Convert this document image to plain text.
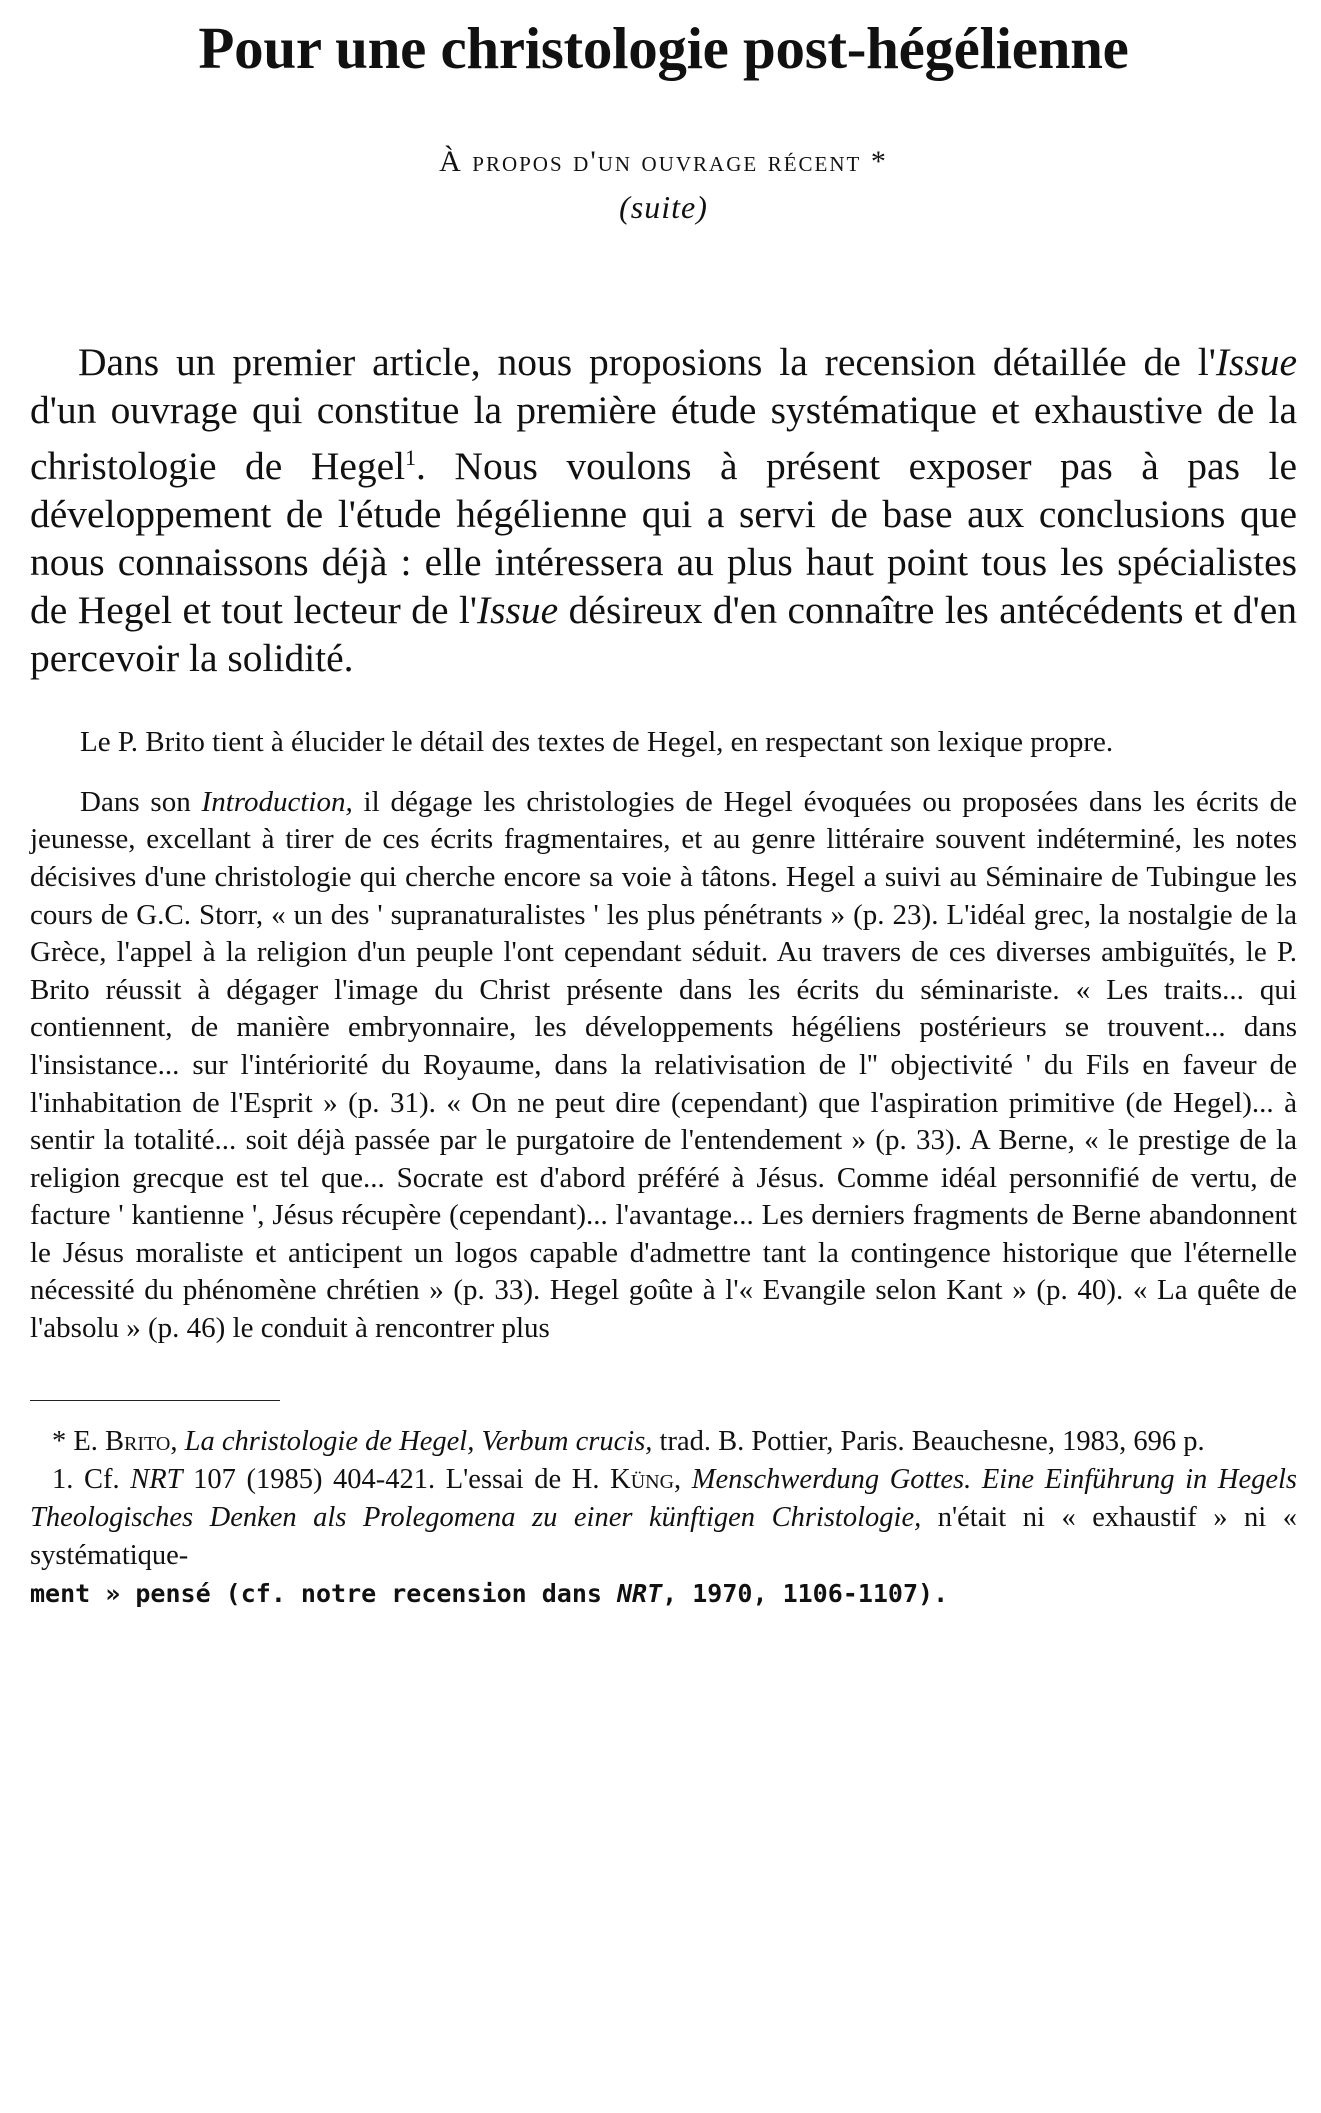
Pour une christologie post-hégélienne
À propos d'un ouvrage récent *
(suite)

Dans un premier article, nous proposions la recension détaillée de l'Issue d'un ouvrage qui constitue la première étude systématique et exhaustive de la christologie de Hegel$^1$. Nous voulons à présent exposer pas à pas le développement de l'étude hégélienne qui a servi de base aux conclusions que nous connaissons déjà : elle intéressera au plus haut point tous les spécialistes de Hegel et tout lecteur de l'Issue désireux d'en connaître les antécédents et d'en percevoir la solidité.

Le P. Brito tient à élucider le détail des textes de Hegel, en respectant son lexique propre.

Dans son Introduction, il dégage les christologies de Hegel évoquées ou proposées dans les écrits de jeunesse, excellant à tirer de ces écrits fragmentaires, et au genre littéraire souvent indéterminé, les notes décisives d'une christologie qui cherche encore sa voie à tâtons. Hegel a suivi au Séminaire de Tubingue les cours de G.C. Storr, « un des ' supranaturalistes ' les plus pénétrants » (p. 23). L'idéal grec, la nostalgie de la Grèce, l'appel à la religion d'un peuple l'ont cependant séduit. Au travers de ces diverses ambiguïtés, le P. Brito réussit à dégager l'image du Christ présente dans les écrits du séminariste. « Les traits... qui contiennent, de manière embryonnaire, les développements hégéliens postérieurs se trouvent... dans l'insistance... sur l'intériorité du Royaume, dans la relativisation de l'' objectivité ' du Fils en faveur de l'inhabitation de l'Esprit » (p. 31). « On ne peut dire (cependant) que l'aspiration primitive (de Hegel)... à sentir la totalité... soit déjà passée par le purgatoire de l'entendement » (p. 33). A Berne, « le prestige de la religion grecque est tel que... Socrate est d'abord préféré à Jésus. Comme idéal personnifié de vertu, de facture ' kantienne ', Jésus récupère (cependant)... l'avantage... Les derniers fragments de Berne abandonnent le Jésus moraliste et anticipent un logos capable d'admettre tant la contingence historique que l'éternelle nécessité du phénomène chrétien » (p. 33). Hegel goûte à l'« Evangile selon Kant » (p. 40). « La quête de l'absolu » (p. 46) le conduit à rencontrer plus

* E. Brito, La christologie de Hegel, Verbum crucis, trad. B. Pottier, Paris. Beauchesne, 1983, 696 p.

1. Cf. NRT 107 (1985) 404-421. L'essai de H. Küng, Menschwerdung Gottes. Eine Einführung in Hegels Theologisches Denken als Prolegomena zu einer künftigen Christologie, n'était ni « exhaustif » ni « systématique-
ment » pensé (cf. notre recension dans NRT, 1970, 1106-1107).
